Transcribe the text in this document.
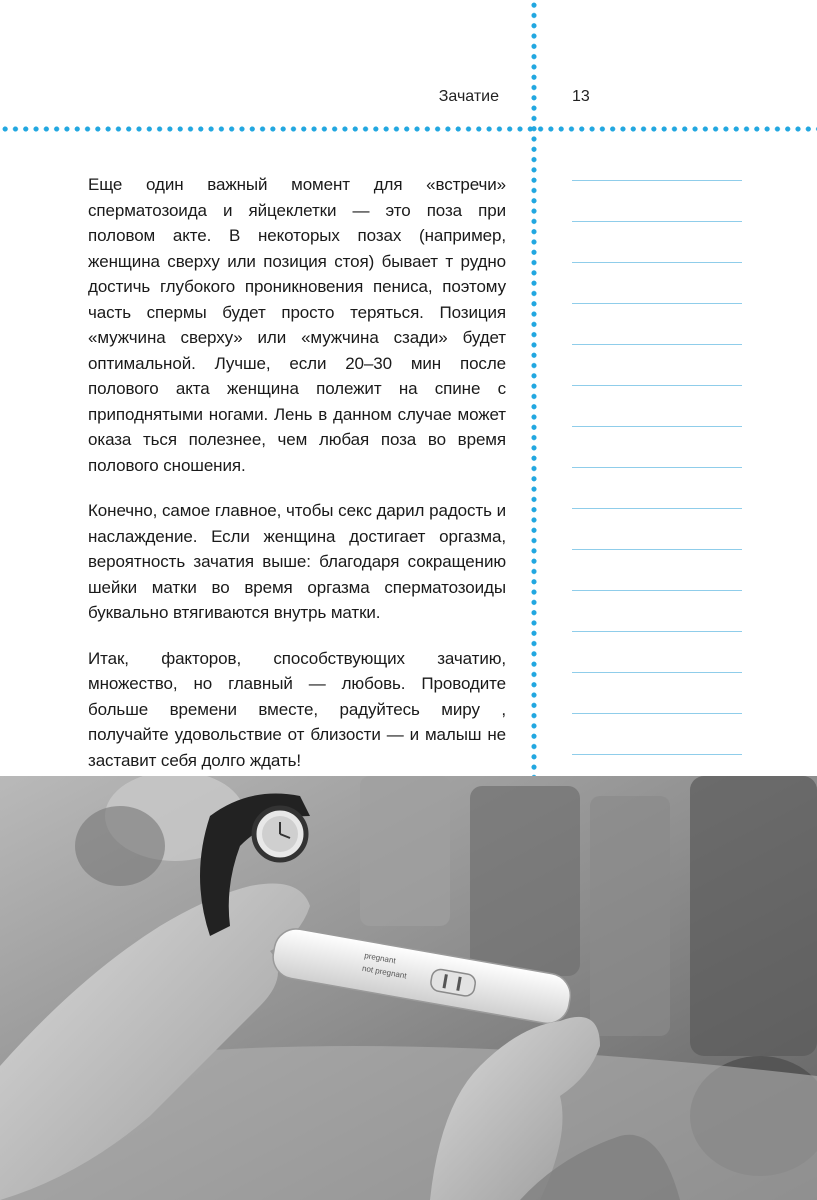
Зачатие	13

Еще один важный момент для «встречи» сперматозоида и яйцеклетки — это поза при половом акте. В некоторых позах (например, женщина сверху или позиция стоя) бывает т рудно достичь глубокого проникновения пениса, поэтому часть спермы будет просто теряться. Позиция «мужчина сверху» или «мужчина сзади» будет оптимальной. Лучше, если 20–30 мин после полового акта женщина полежит на спине с приподнятыми ногами. Лень в данном случае может оказа ться полезнее, чем любая поза во время полового сношения.

Конечно, самое главное, чтобы секс дарил радость и наслаждение. Если женщина достигает оргазма, вероятность зачатия выше: благодаря сокращению шейки матки во время оргазма сперматозоиды буквально втягиваются внутрь матки.

Итак, факторов, способствующих зачатию, множество, но главный — любовь. Проводите больше времени вместе, радуйтесь миру , получайте удовольствие от близости — и малыш не заставит себя долго ждать!

pregnant
not pregnant
